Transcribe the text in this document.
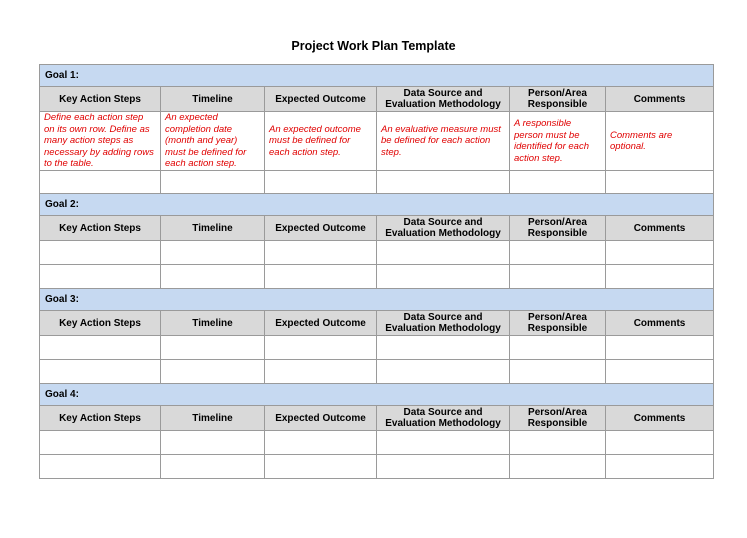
Project Work Plan Template
Goal 1:					
Key Action Steps	Timeline	Expected Outcome	Data Source and Evaluation Methodology	Person/Area Responsible	Comments
Define each action step on its own row. Define as many action steps as necessary by adding rows to the table.	An expected completion date (month and year) must be defined for each action step.	An expected outcome must be defined for each action step.	An evaluative measure must be defined for each action step.	A responsible person must be identified for each action step.	Comments are optional.

Goal 2:					
Key Action Steps	Timeline	Expected Outcome	Data Source and Evaluation Methodology	Person/Area Responsible	Comments

Goal 3:					
Key Action Steps	Timeline	Expected Outcome	Data Source and Evaluation Methodology	Person/Area Responsible	Comments

Goal 4:					
Key Action Steps	Timeline	Expected Outcome	Data Source and Evaluation Methodology	Person/Area Responsible	Comments
